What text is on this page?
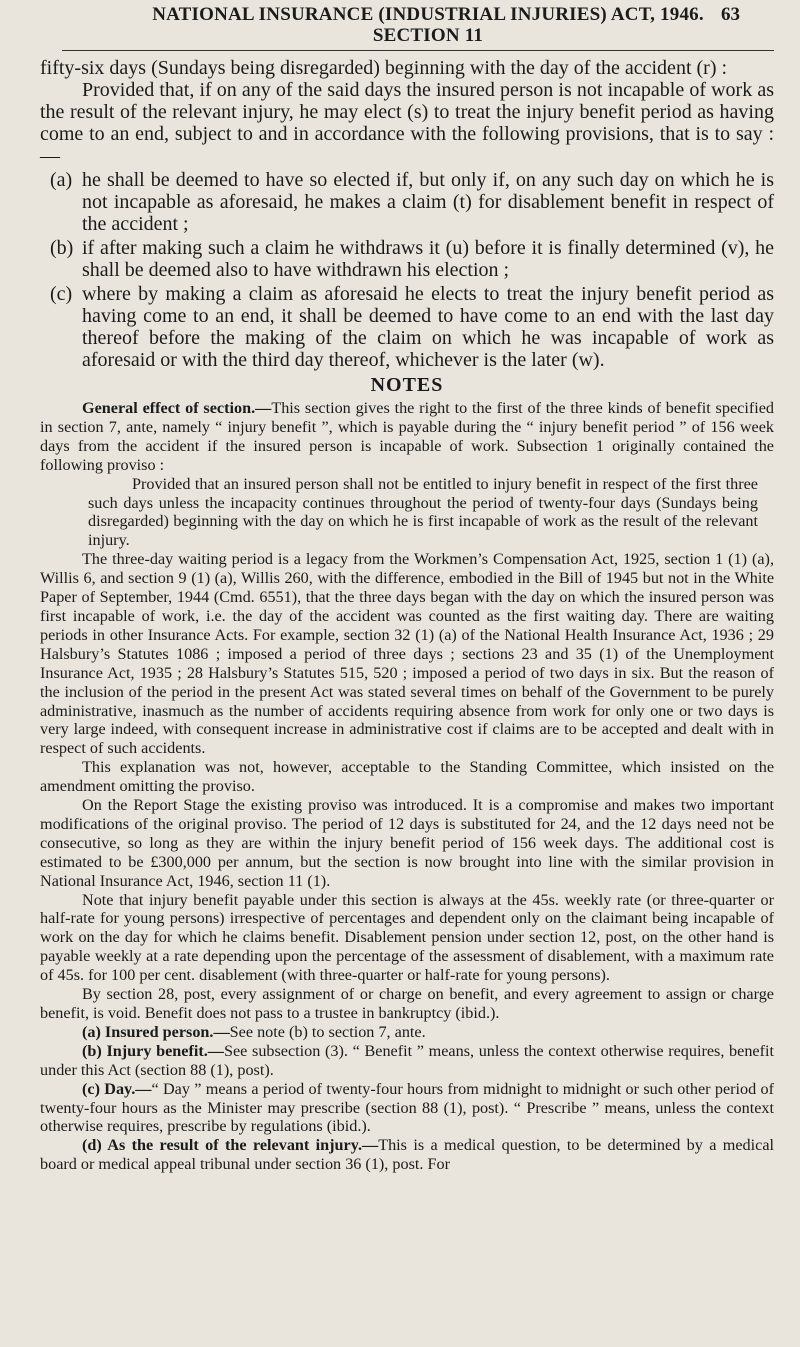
NATIONAL INSURANCE (INDUSTRIAL INJURIES) ACT, 1946. SECTION 11
63

fifty-six days (Sundays being disregarded) beginning with the day of the accident (r) :

Provided that, if on any of the said days the insured person is not incapable of work as the result of the relevant injury, he may elect (s) to treat the injury benefit period as having come to an end, subject to and in accordance with the following provisions, that is to say :—

(a) he shall be deemed to have so elected if, but only if, on any such day on which he is not incapable as aforesaid, he makes a claim (t) for disablement benefit in respect of the accident ;
(b) if after making such a claim he withdraws it (u) before it is finally determined (v), he shall be deemed also to have withdrawn his election ;
(c) where by making a claim as aforesaid he elects to treat the injury benefit period as having come to an end, it shall be deemed to have come to an end with the last day thereof before the making of the claim on which he was incapable of work as aforesaid or with the third day thereof, whichever is the later (w).
NOTES

General effect of section.—This section gives the right to the first of the three kinds of benefit specified in section 7, ante, namely “ injury benefit ”, which is payable during the “ injury benefit period ” of 156 week days from the accident if the insured person is incapable of work. Subsection 1 originally contained the following proviso :

Provided that an insured person shall not be entitled to injury benefit in respect of the first three such days unless the incapacity continues throughout the period of twenty-four days (Sundays being disregarded) beginning with the day on which he is first incapable of work as the result of the relevant injury.

The three-day waiting period is a legacy from the Workmen’s Compensation Act, 1925, section 1 (1) (a), Willis 6, and section 9 (1) (a), Willis 260, with the difference, embodied in the Bill of 1945 but not in the White Paper of September, 1944 (Cmd. 6551), that the three days began with the day on which the insured person was first incapable of work, i.e. the day of the accident was counted as the first waiting day. There are waiting periods in other Insurance Acts. For example, section 32 (1) (a) of the National Health Insurance Act, 1936 ; 29 Halsbury’s Statutes 1086 ; imposed a period of three days ; sections 23 and 35 (1) of the Unemployment Insurance Act, 1935 ; 28 Halsbury’s Statutes 515, 520 ; imposed a period of two days in six. But the reason of the inclusion of the period in the present Act was stated several times on behalf of the Government to be purely administrative, inasmuch as the number of accidents requiring absence from work for only one or two days is very large indeed, with consequent increase in administrative cost if claims are to be accepted and dealt with in respect of such accidents.

This explanation was not, however, acceptable to the Standing Committee, which insisted on the amendment omitting the proviso.

On the Report Stage the existing proviso was introduced. It is a compromise and makes two important modifications of the original proviso. The period of 12 days is substituted for 24, and the 12 days need not be consecutive, so long as they are within the injury benefit period of 156 week days. The additional cost is estimated to be £300,000 per annum, but the section is now brought into line with the similar provision in National Insurance Act, 1946, section 11 (1).

Note that injury benefit payable under this section is always at the 45s. weekly rate (or three-quarter or half-rate for young persons) irrespective of percentages and dependent only on the claimant being incapable of work on the day for which he claims benefit. Disablement pension under section 12, post, on the other hand is payable weekly at a rate depending upon the percentage of the assessment of disablement, with a maximum rate of 45s. for 100 per cent. disablement (with three-quarter or half-rate for young persons).

By section 28, post, every assignment of or charge on benefit, and every agreement to assign or charge benefit, is void. Benefit does not pass to a trustee in bankruptcy (ibid.).

(a) Insured person.—See note (b) to section 7, ante.

(b) Injury benefit.—See subsection (3). “ Benefit ” means, unless the context otherwise requires, benefit under this Act (section 88 (1), post).

(c) Day.—“ Day ” means a period of twenty-four hours from midnight to midnight or such other period of twenty-four hours as the Minister may prescribe (section 88 (1), post). “ Prescribe ” means, unless the context otherwise requires, prescribe by regulations (ibid.).

(d) As the result of the relevant injury.—This is a medical question, to be determined by a medical board or medical appeal tribunal under section 36 (1), post. For
